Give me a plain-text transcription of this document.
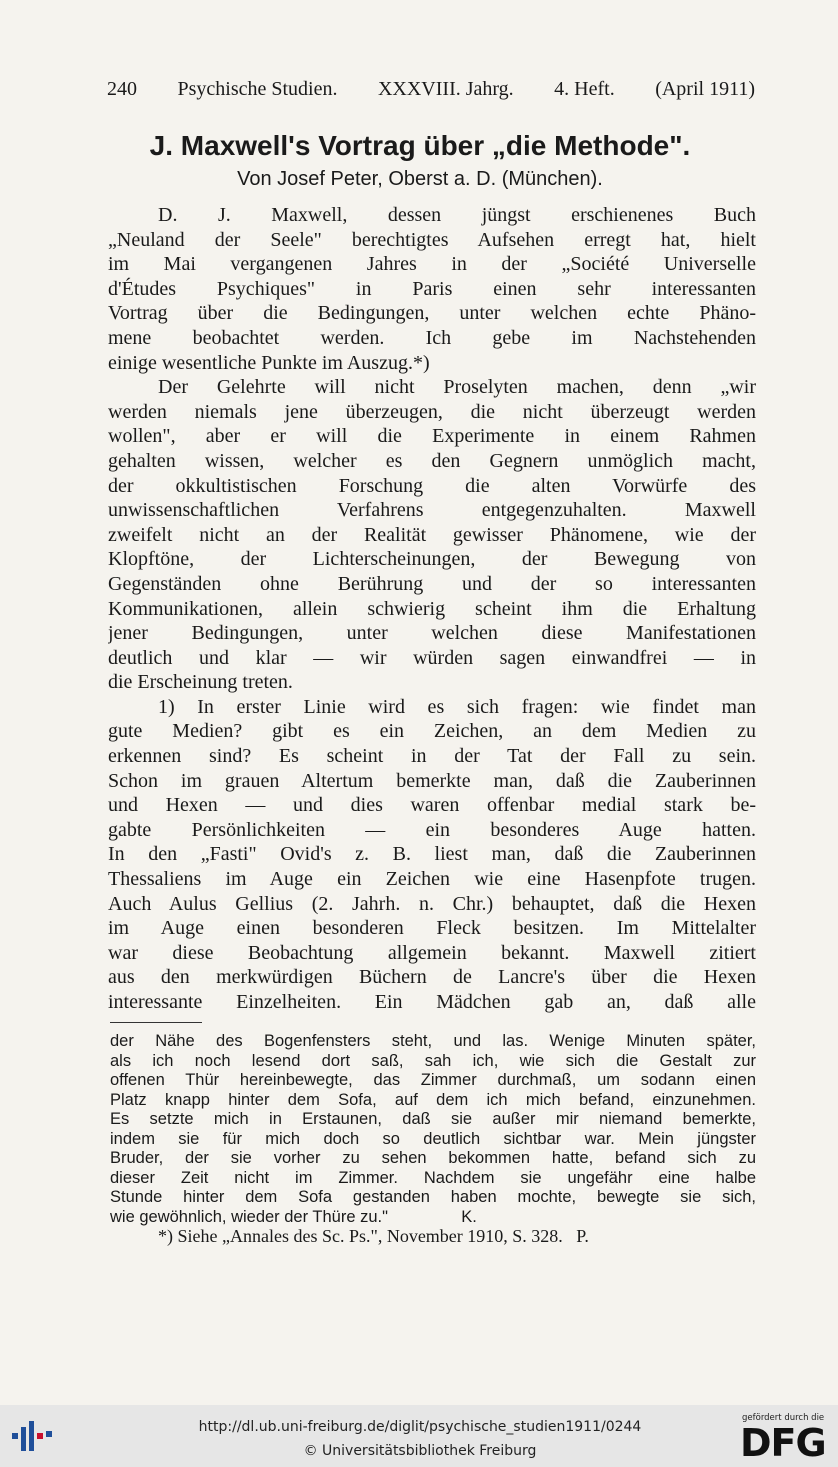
240 Psychische Studien. XXXVIII. Jahrg. 4. Heft. (April 1911)
J. Maxwell's Vortrag über „die Methode".
Von Josef Peter, Oberst a. D. (München).
D. J. Maxwell, dessen jüngst erschienenes Buch
„Neuland der Seele" berechtigtes Aufsehen erregt hat, hielt
im Mai vergangenen Jahres in der „Société Universelle
d'Études Psychiques" in Paris einen sehr interessanten
Vortrag über die Bedingungen, unter welchen echte Phäno-
mene beobachtet werden. Ich gebe im Nachstehenden
einige wesentliche Punkte im Auszug.*)
Der Gelehrte will nicht Proselyten machen, denn „wir
werden niemals jene überzeugen, die nicht überzeugt werden
wollen", aber er will die Experimente in einem Rahmen
gehalten wissen, welcher es den Gegnern unmöglich macht,
der okkultistischen Forschung die alten Vorwürfe des
unwissenschaftlichen Verfahrens entgegenzuhalten. Maxwell
zweifelt nicht an der Realität gewisser Phänomene, wie der
Klopftöne, der Lichterscheinungen, der Bewegung von
Gegenständen ohne Berührung und der so interessanten
Kommunikationen, allein schwierig scheint ihm die Erhaltung
jener Bedingungen, unter welchen diese Manifestationen
deutlich und klar — wir würden sagen einwandfrei — in
die Erscheinung treten.
1) In erster Linie wird es sich fragen: wie findet man
gute Medien? gibt es ein Zeichen, an dem Medien zu
erkennen sind? Es scheint in der Tat der Fall zu sein.
Schon im grauen Altertum bemerkte man, daß die Zauberinnen
und Hexen — und dies waren offenbar medial stark be-
gabte Persönlichkeiten — ein besonderes Auge hatten.
In den „Fasti" Ovid's z. B. liest man, daß die Zauberinnen
Thessaliens im Auge ein Zeichen wie eine Hasenpfote trugen.
Auch Aulus Gellius (2. Jahrh. n. Chr.) behauptet, daß die Hexen
im Auge einen besonderen Fleck besitzen. Im Mittelalter
war diese Beobachtung allgemein bekannt. Maxwell zitiert
aus den merkwürdigen Büchern de Lancre's über die Hexen
interessante Einzelheiten. Ein Mädchen gab an, daß alle
der Nähe des Bogenfensters steht, und las. Wenige Minuten später,
als ich noch lesend dort saß, sah ich, wie sich die Gestalt zur
offenen Thür hereinbewegte, das Zimmer durchmaß, um sodann einen
Platz knapp hinter dem Sofa, auf dem ich mich befand, einzunehmen.
Es setzte mich in Erstaunen, daß sie außer mir niemand bemerkte,
indem sie für mich doch so deutlich sichtbar war. Mein jüngster
Bruder, der sie vorher zu sehen bekommen hatte, befand sich zu
dieser Zeit nicht im Zimmer. Nachdem sie ungefähr eine halbe
Stunde hinter dem Sofa gestanden haben mochte, bewegte sie sich,
wie gewöhnlich, wieder der Thüre zu."                K.
*) Siehe „Annales des Sc. Ps.", November 1910, S. 328.   P.
http://dl.ub.uni-freiburg.de/diglit/psychische_studien1911/0244
© Universitätsbibliothek Freiburg
gefördert durch die
DFG
